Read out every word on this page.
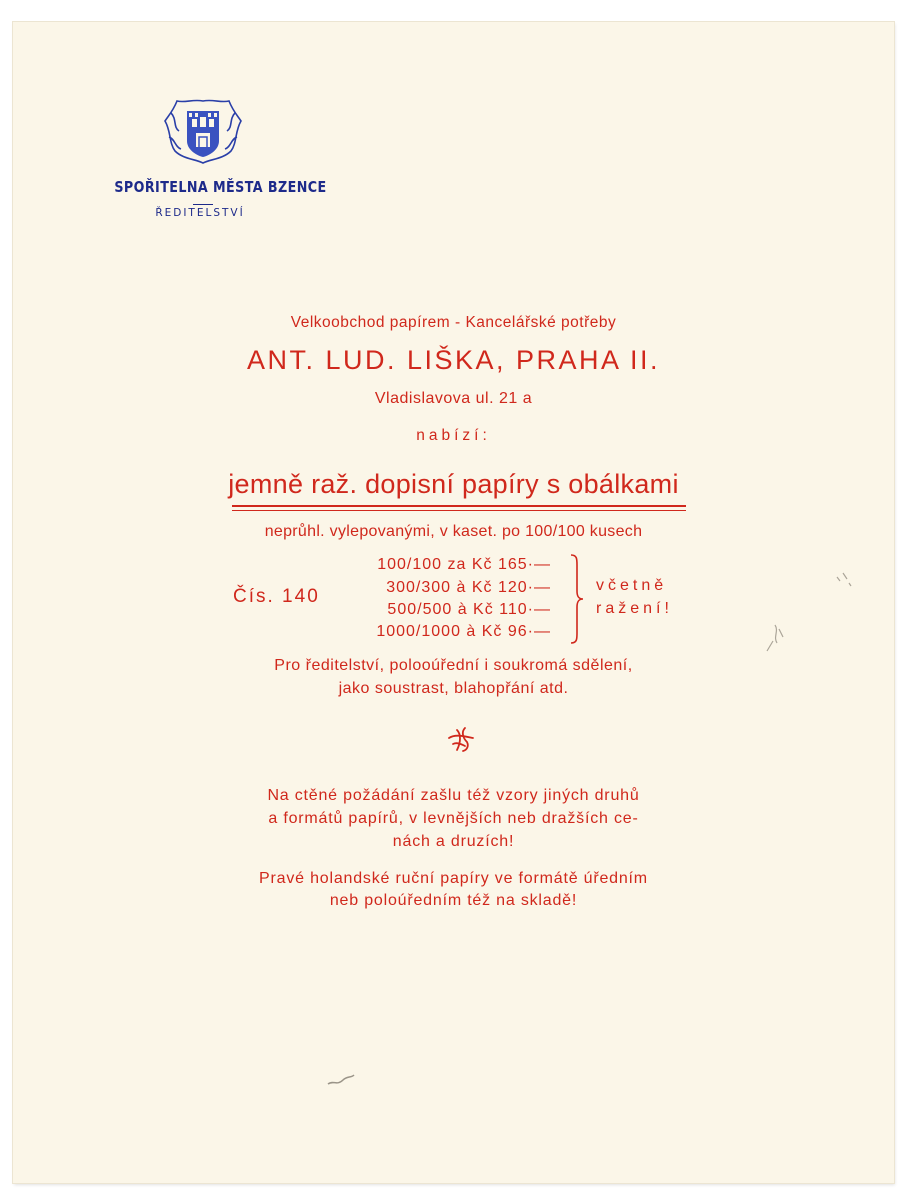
SPOŘITELNA MĚSTA BZENCE
ŘEDITELSTVÍ
Velkoobchod papírem - Kancelářské potřeby
ANT. LUD. LIŠKA, PRAHA II.
Vladislavova ul. 21 a
nabízí:
jemně raž. dopisní papíry s obálkami
neprůhl. vylepovanými, v kaset. po 100/100 kusech
Čís. 140
100/100 za Kč 165·—
300/300 à Kč 120·—
500/500 à Kč 110·—
1000/1000 à Kč 96·—
včetně
ražení!
Pro ředitelství, polooúřední i soukromá sdělení,
jako soustrast, blahopřání atd.
Na ctěné požádání zašlu též vzory jiných druhů
a formátů papírů, v levnějších neb dražších ce-
nách a druzích!
Pravé holandské ruční papíry ve formátě úředním
neb poloúředním též na skladě!
